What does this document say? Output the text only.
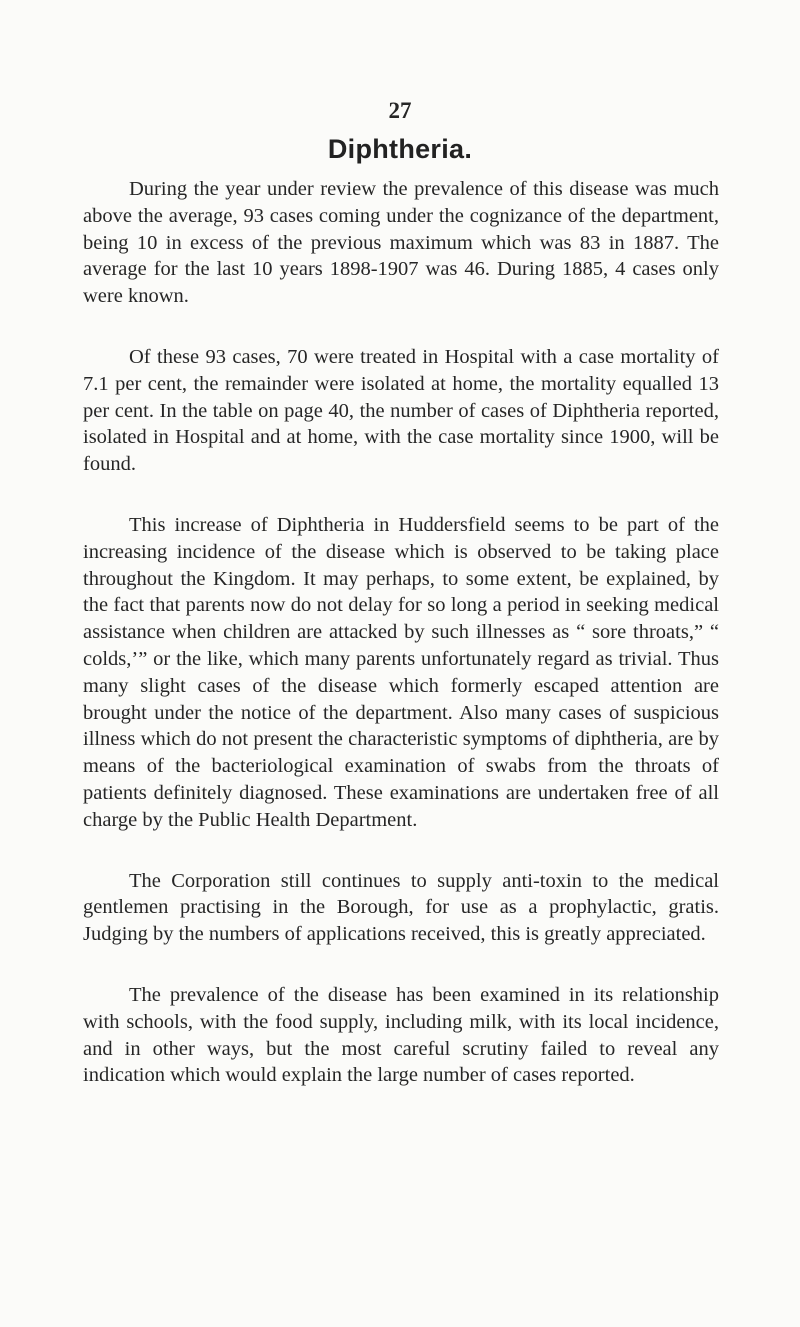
27
Diphtheria.

During the year under review the prevalence of this disease was much above the average, 93 cases coming under the cognizance of the department, being 10 in excess of the previous maximum which was 83 in 1887. The average for the last 10 years 1898-1907 was 46. During 1885, 4 cases only were known.

Of these 93 cases, 70 were treated in Hospital with a case mortality of 7.1 per cent, the remainder were isolated at home, the mortality equalled 13 per cent. In the table on page 40, the number of cases of Diphtheria reported, isolated in Hospital and at home, with the case mortality since 1900, will be found.

This increase of Diphtheria in Huddersfield seems to be part of the increasing incidence of the disease which is observed to be taking place throughout the Kingdom. It may perhaps, to some extent, be explained, by the fact that parents now do not delay for so long a period in seeking medical assistance when children are attacked by such illnesses as “ sore throats,” “ colds,’” or the like, which many parents unfortunately regard as trivial. Thus many slight cases of the disease which formerly escaped attention are brought under the notice of the department. Also many cases of suspicious illness which do not present the characteristic symptoms of diphtheria, are by means of the bacteriological examination of swabs from the throats of patients definitely diagnosed. These examinations are undertaken free of all charge by the Public Health Department.

The Corporation still continues to supply anti-toxin to the medical gentlemen practising in the Borough, for use as a prophylactic, gratis. Judging by the numbers of applications received, this is greatly appreciated.

The prevalence of the disease has been examined in its relationship with schools, with the food supply, including milk, with its local incidence, and in other ways, but the most careful scrutiny failed to reveal any indication which would explain the large number of cases reported.
